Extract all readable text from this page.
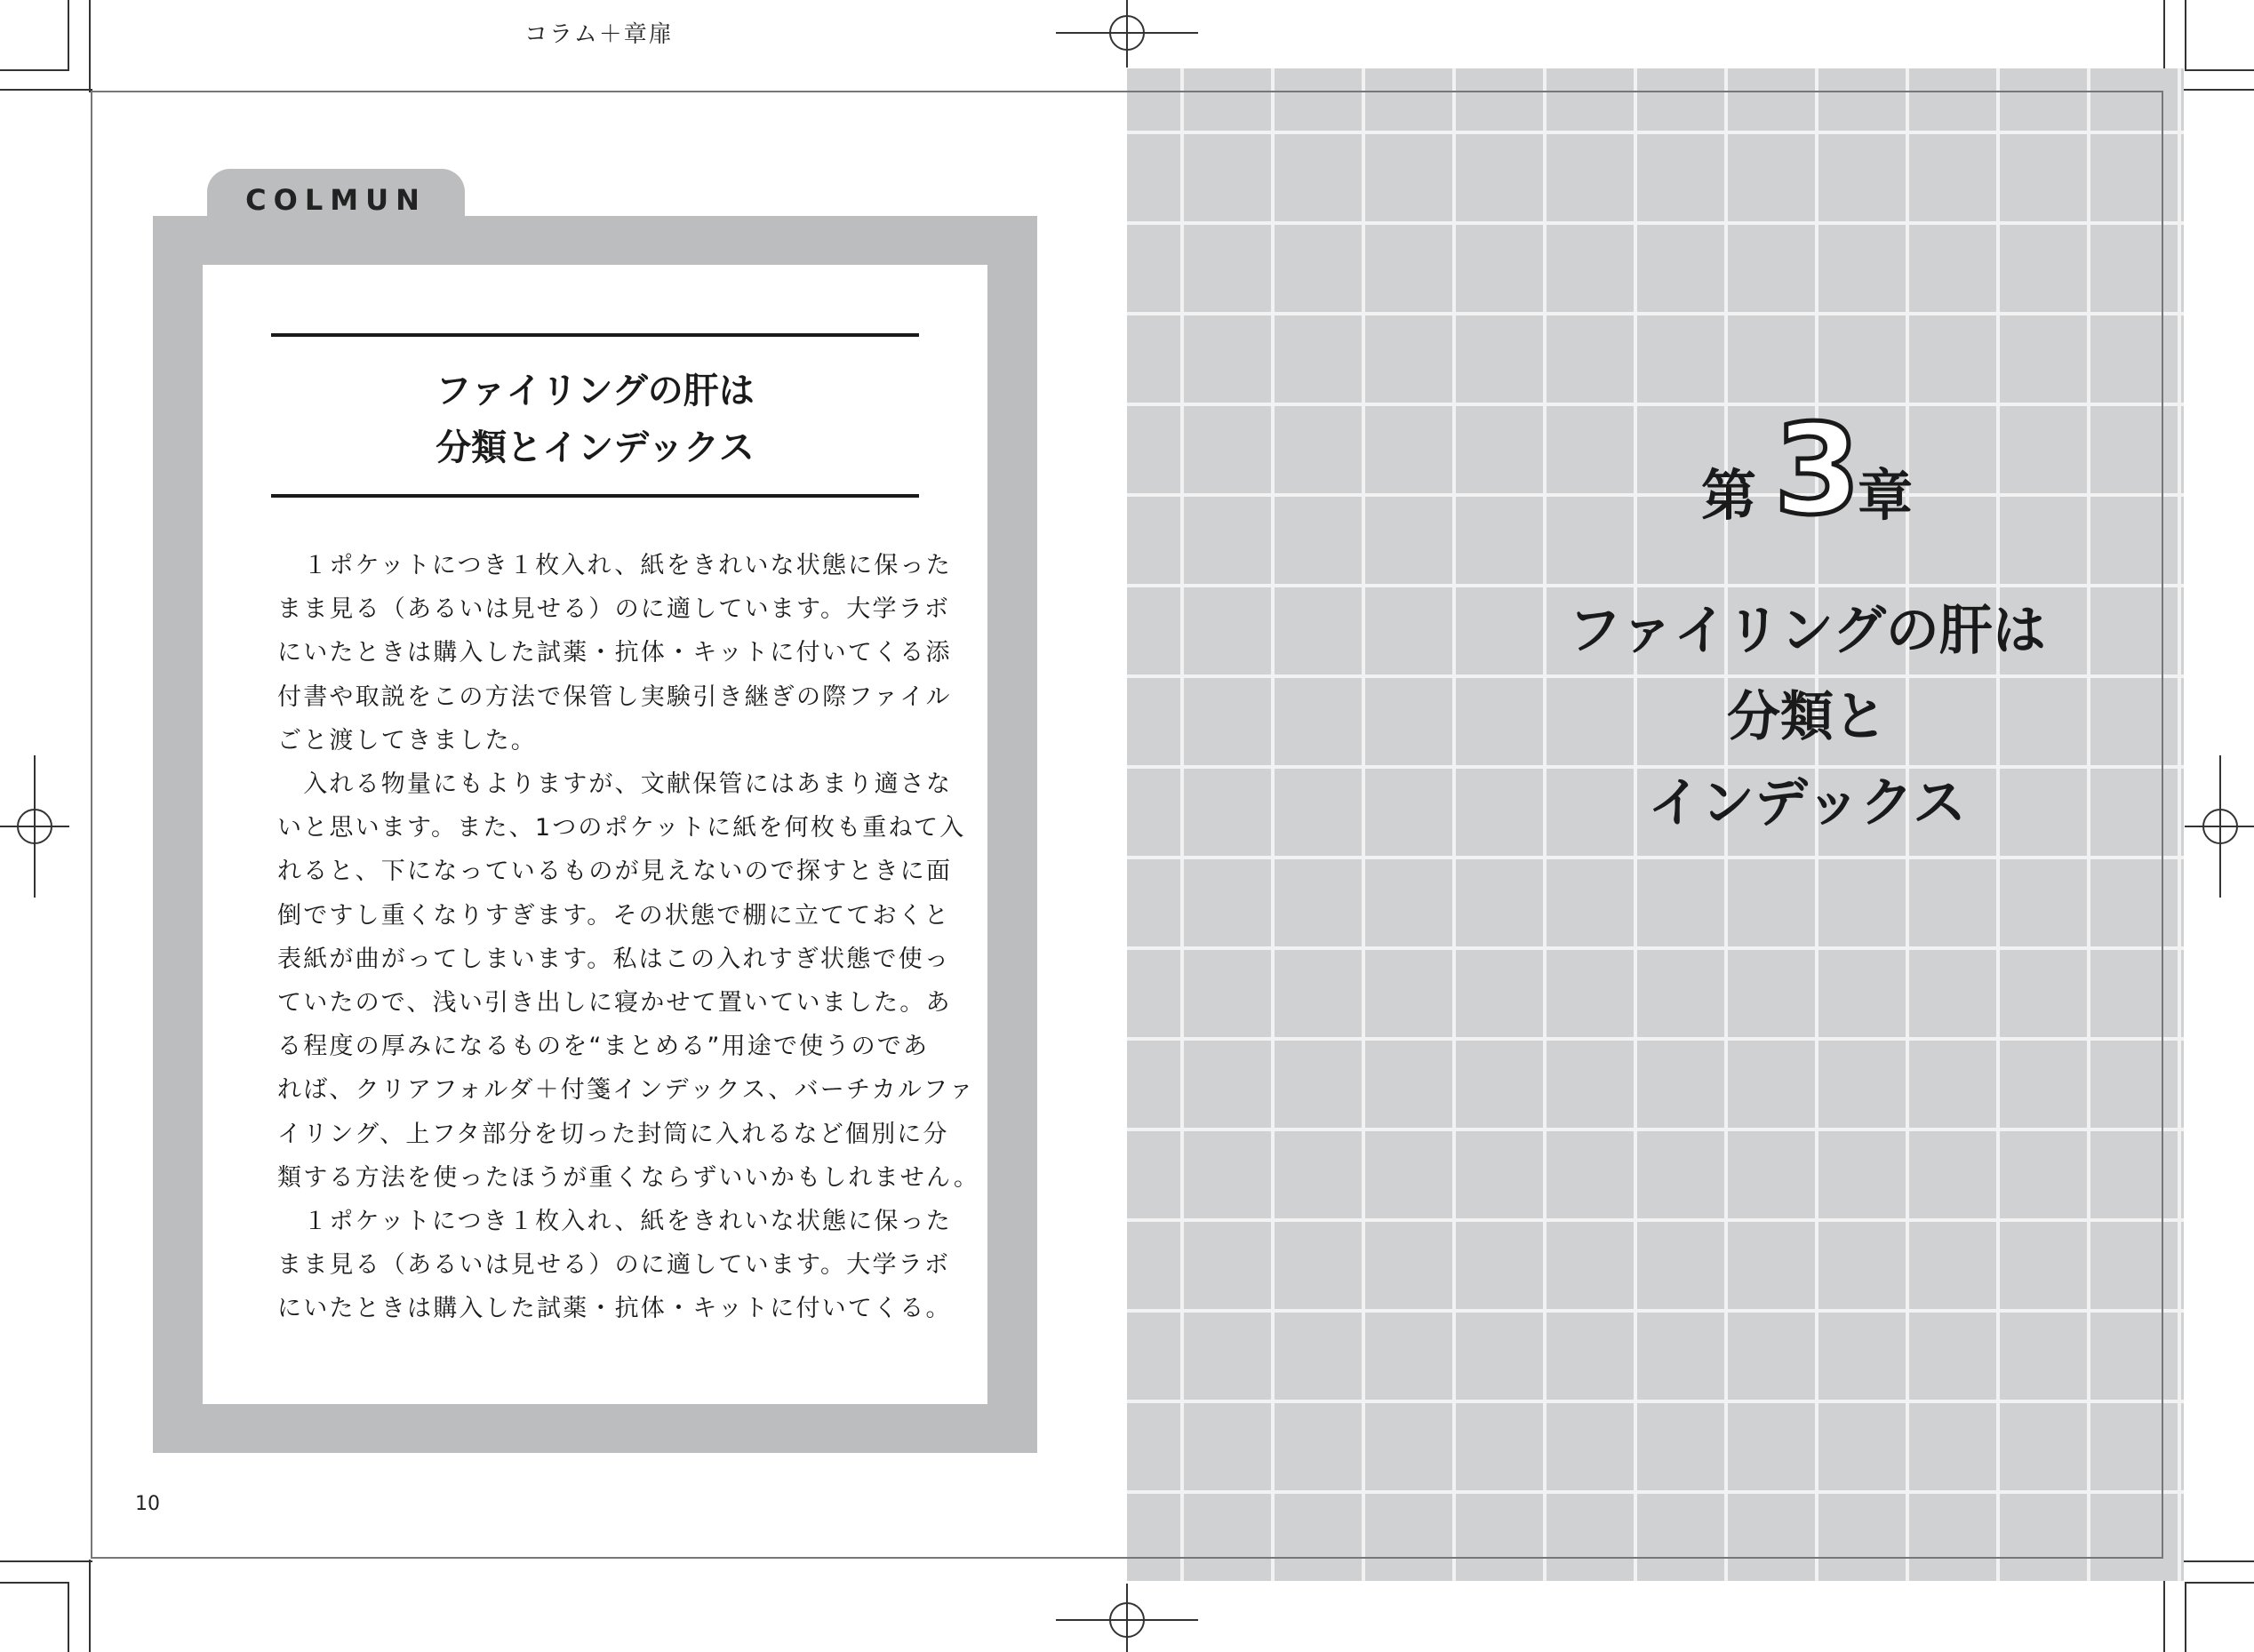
コラム＋章扉
COLMUN
ファイリングの肝は
分類とインデックス
　１ポケットにつき１枚入れ、紙をきれいな状態に保った
まま見る（あるいは見せる）のに適しています。大学ラボ
にいたときは購入した試薬・抗体・キットに付いてくる添
付書や取説をこの方法で保管し実験引き継ぎの際ファイル
ごと渡してきました。
　入れる物量にもよりますが、文献保管にはあまり適さな
いと思います。また、1つのポケットに紙を何枚も重ねて入
れると、下になっているものが見えないので探すときに面
倒ですし重くなりすぎます。その状態で棚に立てておくと
表紙が曲がってしまいます。私はこの入れすぎ状態で使っ
ていたので、浅い引き出しに寝かせて置いていました。あ
る程度の厚みになるものを“まとめる”用途で使うのであ
れば、クリアフォルダ＋付箋インデックス、バーチカルファ
イリング、上フタ部分を切った封筒に入れるなど個別に分
類する方法を使ったほうが重くならずいいかもしれません。
　１ポケットにつき１枚入れ、紙をきれいな状態に保った
まま見る（あるいは見せる）のに適しています。大学ラボ
にいたときは購入した試薬・抗体・キットに付いてくる。
10
第 3
章
ファイリングの肝は
分類と
インデックス
